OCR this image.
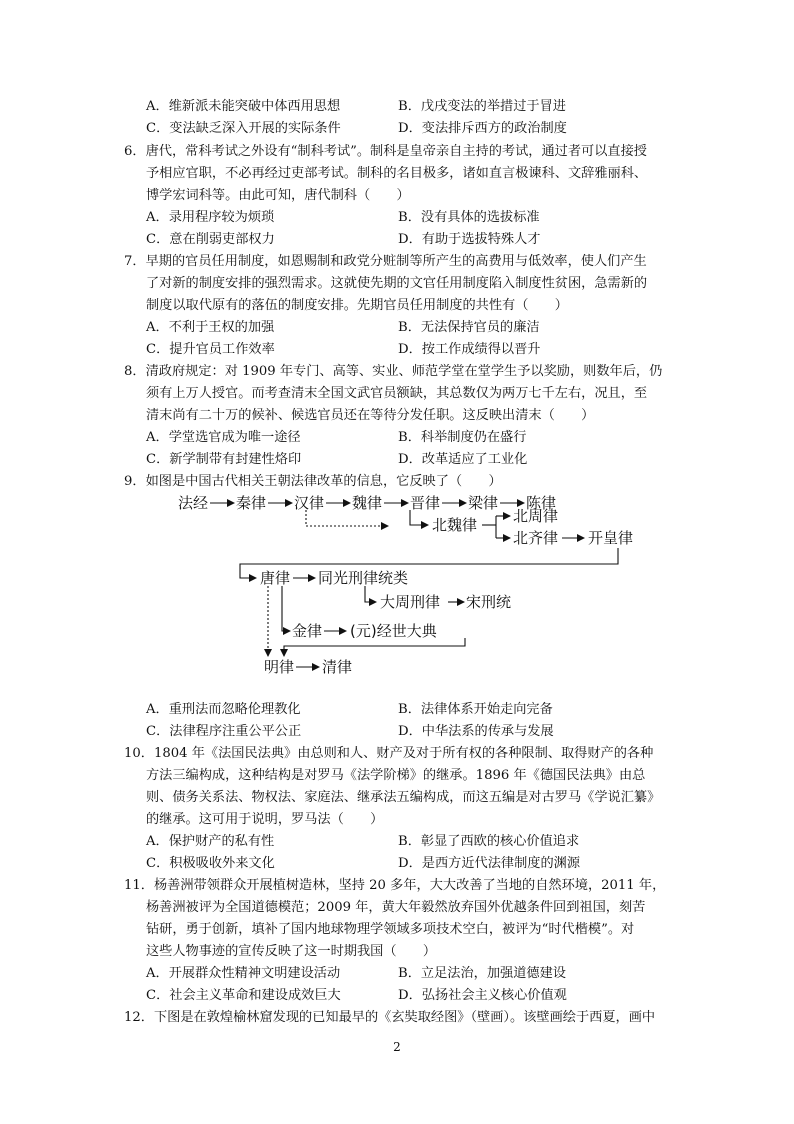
A．维新派未能突破中体西用思想	B．戊戌变法的举措过于冒进
C．变法缺乏深入开展的实际条件	D．变法排斥西方的政治制度
6．唐代，常科考试之外设有“制科考试”。制科是皇帝亲自主持的考试，通过者可以直接授
予相应官职，不必再经过吏部考试。制科的名目极多，诸如直言极谏科、文辞雅丽科、
博学宏词科等。由此可知，唐代制科（　　）
A．录用程序较为烦琐	B．没有具体的选拔标准
C．意在削弱吏部权力	D．有助于选拔特殊人才
7．早期的官员任用制度，如恩赐制和政党分赃制等所产生的高费用与低效率，使人们产生
了对新的制度安排的强烈需求。这就使先期的文官任用制度陷入制度性贫困，急需新的
制度以取代原有的落伍的制度安排。先期官员任用制度的共性有（　　）
A．不利于王权的加强	B．无法保持官员的廉洁
C．提升官员工作效率	D．按工作成绩得以晋升
8．清政府规定：对 1909 年专门、高等、实业、师范学堂在堂学生予以奖励，则数年后，仍
须有上万人授官。而考查清末全国文武官员额缺，其总数仅为两万七千左右，况且，至
清末尚有二十万的候补、候选官员还在等待分发任职。这反映出清末（　　）
A．学堂选官成为唯一途径	B．科举制度仍在盛行
C．新学制带有封建性烙印	D．改革适应了工业化
9．如图是中国古代相关王朝法律改革的信息，它反映了（　　）
法经 秦律 汉律 魏律 晋律 梁律 陈律
北魏律 北周律
北齐律 开皇律
唐律 同光刑律统类
大周刑律 宋刑统
金律 (元)经世大典
明律 清律
A．重刑法而忽略伦理教化	B．法律体系开始走向完备
C．法律程序注重公平公正	D．中华法系的传承与发展
10．1804 年《法国民法典》由总则和人、财产及对于所有权的各种限制、取得财产的各种
方法三编构成，这种结构是对罗马《法学阶梯》的继承。1896 年《德国民法典》由总
则、债务关系法、物权法、家庭法、继承法五编构成，而这五编是对古罗马《学说汇纂》
的继承。这可用于说明，罗马法（　　）
A．保护财产的私有性	B．彰显了西欧的核心价值追求
C．积极吸收外来文化	D．是西方近代法律制度的渊源
11．杨善洲带领群众开展植树造林，坚持 20 多年，大大改善了当地的自然环境，2011 年，
杨善洲被评为全国道德模范；2009 年，黄大年毅然放弃国外优越条件回到祖国，刻苦
钻研，勇于创新，填补了国内地球物理学领域多项技术空白，被评为“时代楷模”。对
这些人物事迹的宣传反映了这一时期我国（　　）
A．开展群众性精神文明建设活动	B．立足法治，加强道德建设
C．社会主义革命和建设成效巨大	D．弘扬社会主义核心价值观
12．下图是在敦煌榆林窟发现的已知最早的《玄奘取经图》（壁画）。该壁画绘于西夏，画中
2
